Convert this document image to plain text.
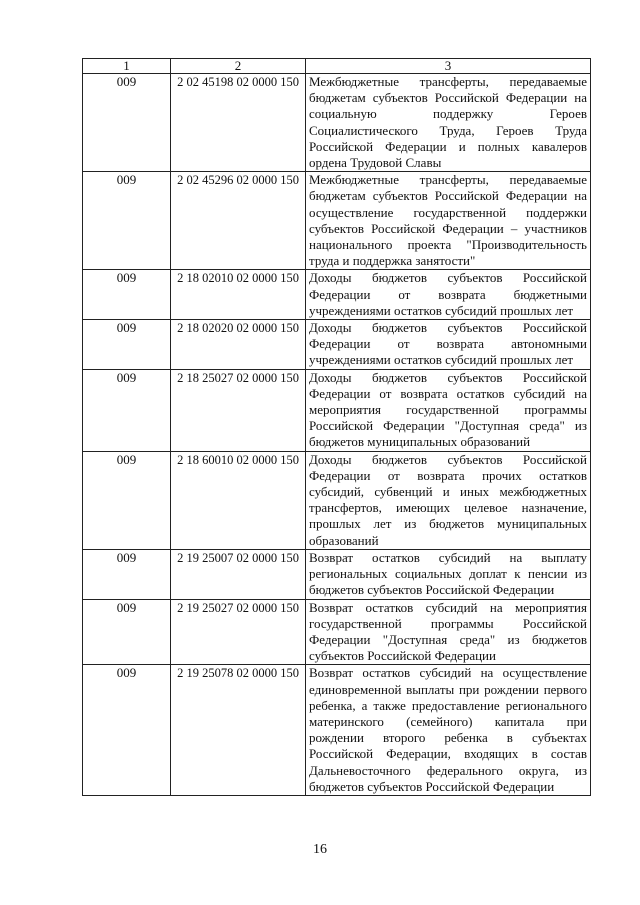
1	2	3
009	2 02 45198 02 0000 150	Межбюджетные трансферты, передаваемые бюджетам субъектов Российской Федерации на социальную поддержку Героев Социалистического Труда, Героев Труда Российской Федерации и полных кавалеров ордена Трудовой Славы
009	2 02 45296 02 0000 150	Межбюджетные трансферты, передаваемые бюджетам субъектов Российской Федерации на осуществление государственной поддержки субъектов Российской Федерации – участников национального проекта "Производительность труда и поддержка занятости"
009	2 18 02010 02 0000 150	Доходы бюджетов субъектов Российской Федерации от возврата бюджетными учреждениями остатков субсидий прошлых лет
009	2 18 02020 02 0000 150	Доходы бюджетов субъектов Российской Федерации от возврата автономными учреждениями остатков субсидий прошлых лет
009	2 18 25027 02 0000 150	Доходы бюджетов субъектов Российской Федерации от возврата остатков субсидий на мероприятия государственной программы Российской Федерации "Доступная среда" из бюджетов муниципальных образований
009	2 18 60010 02 0000 150	Доходы бюджетов субъектов Российской Федерации от возврата прочих остатков субсидий, субвенций и иных межбюджетных трансфертов, имеющих целевое назначение, прошлых лет из бюджетов муниципальных образований
009	2 19 25007 02 0000 150	Возврат остатков субсидий на выплату региональных социальных доплат к пенсии из бюджетов субъектов Российской Федерации
009	2 19 25027 02 0000 150	Возврат остатков субсидий на мероприятия государственной программы Российской Федерации "Доступная среда" из бюджетов субъектов Российской Федерации
009	2 19 25078 02 0000 150	Возврат остатков субсидий на осуществление единовременной выплаты при рождении первого ребенка, а также предоставление регионального материнского (семейного) капитала при рождении второго ребенка в субъектах Российской Федерации, входящих в состав Дальневосточного федерального округа, из бюджетов субъектов Российской Федерации
16
